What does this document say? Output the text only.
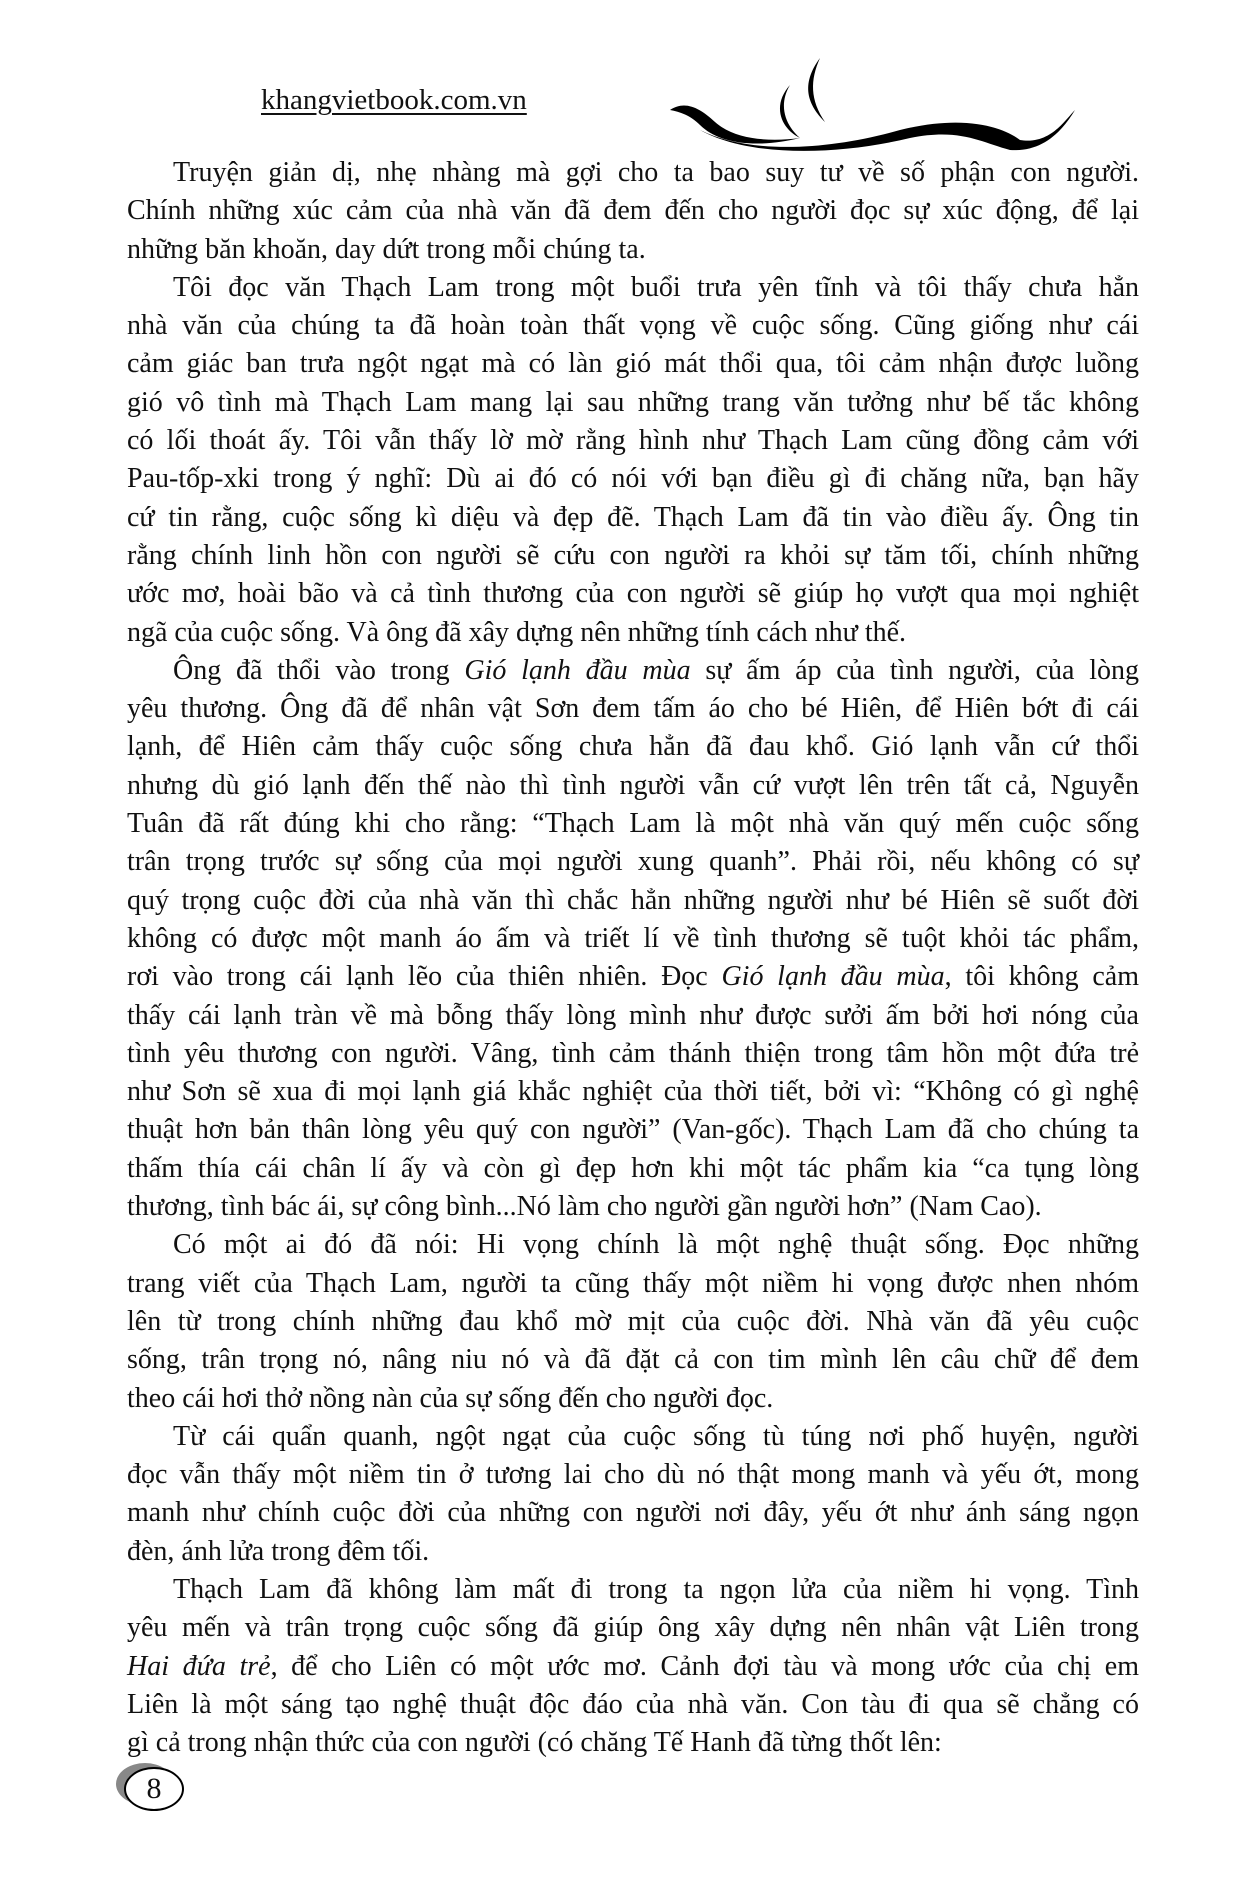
khangvietbook.com.vn
Truyện giản dị, nhẹ nhàng mà gợi cho ta bao suy tư về số phận con người.
Chính những xúc cảm của nhà văn đã đem đến cho người đọc sự xúc động, để lại
những băn khoăn, day dứt trong mỗi chúng ta.
Tôi đọc văn Thạch Lam trong một buổi trưa yên tĩnh và tôi thấy chưa hẳn
nhà văn của chúng ta đã hoàn toàn thất vọng về cuộc sống. Cũng giống như cái
cảm giác ban trưa ngột ngạt mà có làn gió mát thổi qua, tôi cảm nhận được luồng
gió vô tình mà Thạch Lam mang lại sau những trang văn tưởng như bế tắc không
có lối thoát ấy. Tôi vẫn thấy lờ mờ rằng hình như Thạch Lam cũng đồng cảm với
Pau-tốp-xki trong ý nghĩ: Dù ai đó có nói với bạn điều gì đi chăng nữa, bạn hãy
cứ tin rằng, cuộc sống kì diệu và đẹp đẽ. Thạch Lam đã tin vào điều ấy. Ông tin
rằng chính linh hồn con người sẽ cứu con người ra khỏi sự tăm tối, chính những
ước mơ, hoài bão và cả tình thương của con người sẽ giúp họ vượt qua mọi nghiệt
ngã của cuộc sống. Và ông đã xây dựng nên những tính cách như thế.
Ông đã thổi vào trong Gió lạnh đầu mùa sự ấm áp của tình người, của lòng
yêu thương. Ông đã để nhân vật Sơn đem tấm áo cho bé Hiên, để Hiên bớt đi cái
lạnh, để Hiên cảm thấy cuộc sống chưa hẳn đã đau khổ. Gió lạnh vẫn cứ thổi
nhưng dù gió lạnh đến thế nào thì tình người vẫn cứ vượt lên trên tất cả, Nguyễn
Tuân đã rất đúng khi cho rằng: “Thạch Lam là một nhà văn quý mến cuộc sống
trân trọng trước sự sống của mọi người xung quanh”. Phải rồi, nếu không có sự
quý trọng cuộc đời của nhà văn thì chắc hẳn những người như bé Hiên sẽ suốt đời
không có được một manh áo ấm và triết lí về tình thương sẽ tuột khỏi tác phẩm,
rơi vào trong cái lạnh lẽo của thiên nhiên. Đọc Gió lạnh đầu mùa, tôi không cảm
thấy cái lạnh tràn về mà bỗng thấy lòng mình như được sưởi ấm bởi hơi nóng của
tình yêu thương con người. Vâng, tình cảm thánh thiện trong tâm hồn một đứa trẻ
như Sơn sẽ xua đi mọi lạnh giá khắc nghiệt của thời tiết, bởi vì: “Không có gì nghệ
thuật hơn bản thân lòng yêu quý con người” (Van-gốc). Thạch Lam đã cho chúng ta
thấm thía cái chân lí ấy và còn gì đẹp hơn khi một tác phẩm kia “ca tụng lòng
thương, tình bác ái, sự công bình...Nó làm cho người gần người hơn” (Nam Cao).
Có một ai đó đã nói: Hi vọng chính là một nghệ thuật sống. Đọc những
trang viết của Thạch Lam, người ta cũng thấy một niềm hi vọng được nhen nhóm
lên từ trong chính những đau khổ mờ mịt của cuộc đời. Nhà văn đã yêu cuộc
sống, trân trọng nó, nâng niu nó và đã đặt cả con tim mình lên câu chữ để đem
theo cái hơi thở nồng nàn của sự sống đến cho người đọc.
Từ cái quẩn quanh, ngột ngạt của cuộc sống tù túng nơi phố huyện, người
đọc vẫn thấy một niềm tin ở tương lai cho dù nó thật mong manh và yếu ớt, mong
manh như chính cuộc đời của những con người nơi đây, yếu ớt như ánh sáng ngọn
đèn, ánh lửa trong đêm tối.
Thạch Lam đã không làm mất đi trong ta ngọn lửa của niềm hi vọng. Tình
yêu mến và trân trọng cuộc sống đã giúp ông xây dựng nên nhân vật Liên trong
Hai đứa trẻ, để cho Liên có một ước mơ. Cảnh đợi tàu và mong ước của chị em
Liên là một sáng tạo nghệ thuật độc đáo của nhà văn. Con tàu đi qua sẽ chẳng có
gì cả trong nhận thức của con người (có chăng Tế Hanh đã từng thốt lên:
8
